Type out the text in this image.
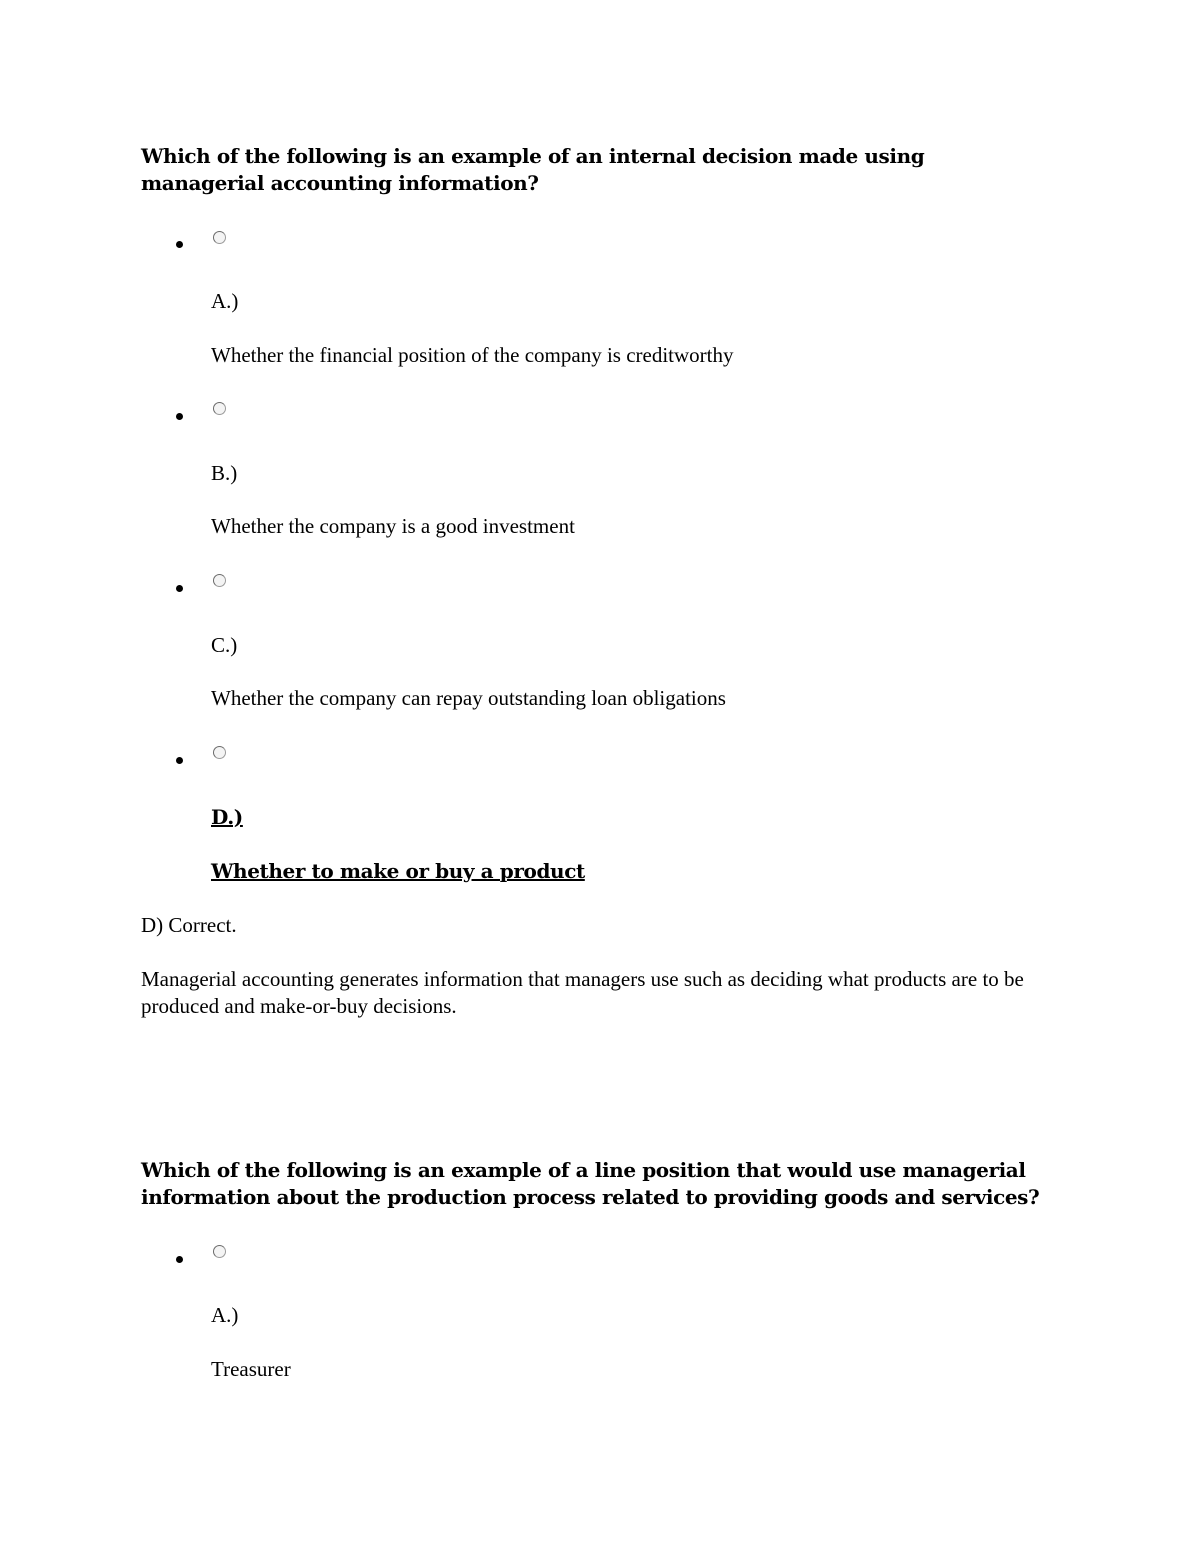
Which of the following is an example of an internal decision made using managerial accounting information?
A.)
Whether the financial position of the company is creditworthy
B.)
Whether the company is a good investment
C.)
Whether the company can repay outstanding loan obligations
D.)
Whether to make or buy a product
D) Correct.
Managerial accounting generates information that managers use such as deciding what products are to be produced and make-or-buy decisions.
Which of the following is an example of a line position that would use managerial information about the production process related to providing goods and services?
A.)
Treasurer
